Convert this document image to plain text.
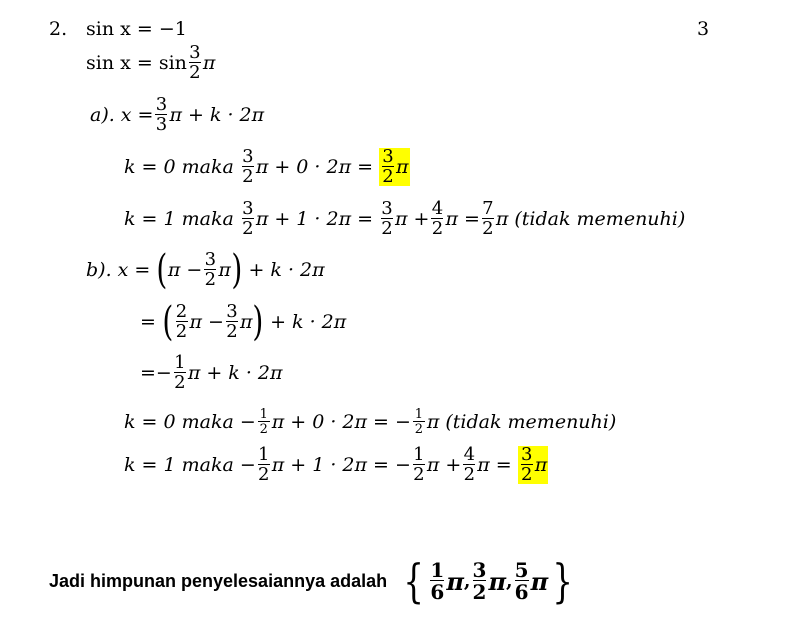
2.	3
sin x = −1
$\sin x = \sin \frac{3}{2}$ π
a). $x = \frac{3}{3}$ π + k · 2π
k = 0 maka $\frac{3}{2}$ $\pi + 0 \cdot 2\pi = \frac{3}{2}$ π
k = 1 maka $\frac{3}{2}$ $\pi + 1 \cdot 2\pi = \frac{3}{2}$ $\pi + \frac{4}{2}$ $\pi = \frac{7}{2}$ π (tidak memenuhi)
b). x = ( $\pi - \frac{3}{2}$ π ) + k · 2π
= ( $\frac{2}{2}$ $\pi - \frac{3}{2}$ π ) + k · 2π
= − $\frac{1}{2}$ π + k · 2π
k = 0 maka − $\frac{1}{2}$ π + 0 · 2π = − $\frac{1}{2}$ π (tidak memenuhi)
k = 1 maka − $\frac{1}{2}$ π + 1 · 2π = − $\frac{1}{2}$ $\pi + \frac{4}{2}$ $\pi = \frac{3}{2}$ π
Jadi himpunan penyelesaiannya adalah { $\frac{1}{6}$ π , $\frac{3}{2}$ π , $\frac{5}{6}$ π }
